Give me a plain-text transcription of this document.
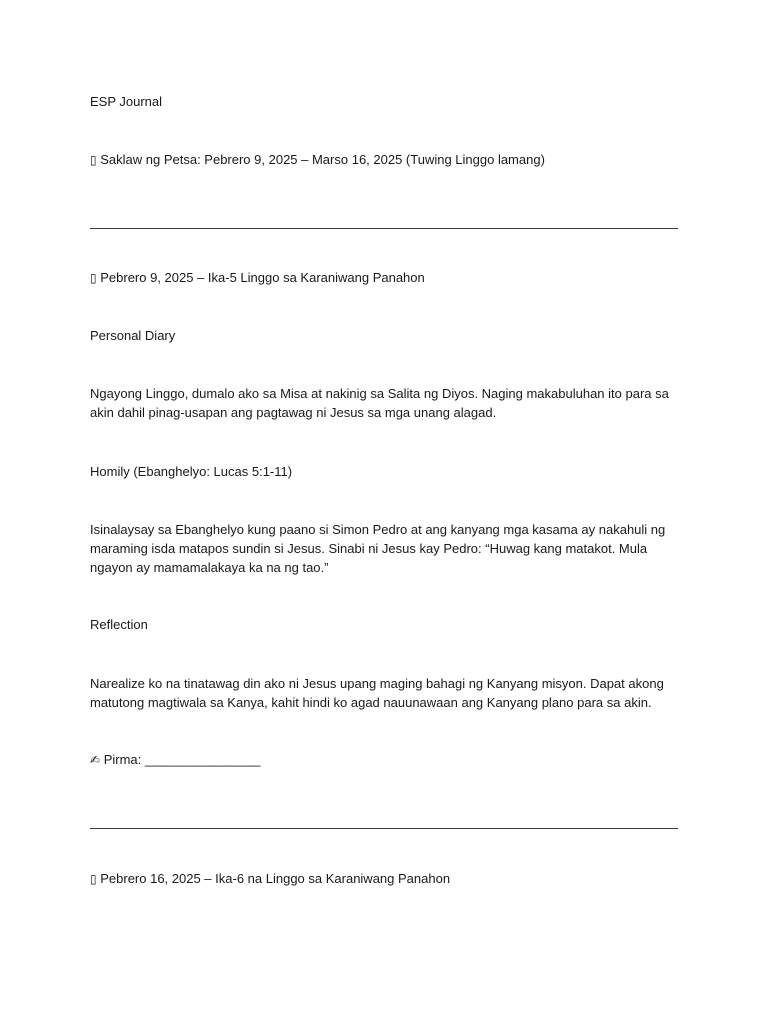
ESP Journal
▯ Saklaw ng Petsa: Pebrero 9, 2025 – Marso 16, 2025 (Tuwing Linggo lamang)
▯ Pebrero 9, 2025 – Ika-5 Linggo sa Karaniwang Panahon
Personal Diary
Ngayong Linggo, dumalo ako sa Misa at nakinig sa Salita ng Diyos. Naging makabuluhan ito para sa akin dahil pinag-usapan ang pagtawag ni Jesus sa mga unang alagad.
Homily (Ebanghelyo: Lucas 5:1-11)
Isinalaysay sa Ebanghelyo kung paano si Simon Pedro at ang kanyang mga kasama ay nakahuli ng maraming isda matapos sundin si Jesus. Sinabi ni Jesus kay Pedro: “Huwag kang matakot. Mula ngayon ay mamamalakaya ka na ng tao.”
Reflection
Narealize ko na tinatawag din ako ni Jesus upang maging bahagi ng Kanyang misyon. Dapat akong matutong magtiwala sa Kanya, kahit hindi ko agad nauunawaan ang Kanyang plano para sa akin.
✍ Pirma: ________________
▯ Pebrero 16, 2025 – Ika-6 na Linggo sa Karaniwang Panahon
